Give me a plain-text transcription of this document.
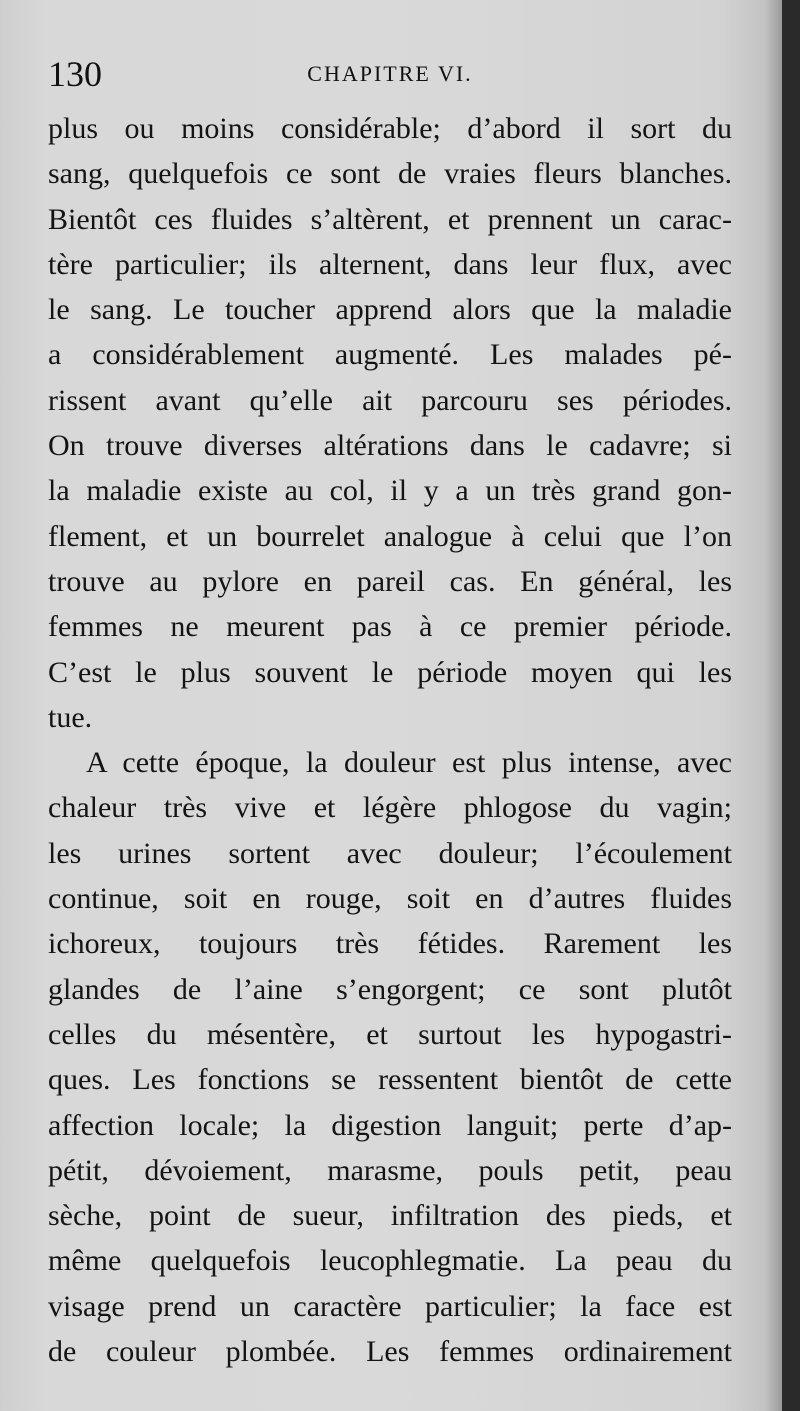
130	CHAPITRE VI.
plus ou moins considérable; d’abord il sort du
sang, quelquefois ce sont de vraies fleurs blanches.
Bientôt ces fluides s’altèrent, et prennent un carac-
tère particulier; ils alternent, dans leur flux, avec
le sang. Le toucher apprend alors que la maladie
a considérablement augmenté. Les malades pé-
rissent avant qu’elle ait parcouru ses périodes.
On trouve diverses altérations dans le cadavre; si
la maladie existe au col, il y a un très grand gon-
flement, et un bourrelet analogue à celui que l’on
trouve au pylore en pareil cas. En général, les
femmes ne meurent pas à ce premier période.
C’est le plus souvent le période moyen qui les
tue.
A cette époque, la douleur est plus intense, avec
chaleur très vive et légère phlogose du vagin;
les urines sortent avec douleur; l’écoulement
continue, soit en rouge, soit en d’autres fluides
ichoreux, toujours très fétides. Rarement les
glandes de l’aine s’engorgent; ce sont plutôt
celles du mésentère, et surtout les hypogastri-
ques. Les fonctions se ressentent bientôt de cette
affection locale; la digestion languit; perte d’ap-
pétit, dévoiement, marasme, pouls petit, peau
sèche, point de sueur, infiltration des pieds, et
même quelquefois leucophlegmatie. La peau du
visage prend un caractère particulier; la face est
de couleur plombée. Les femmes ordinairement
